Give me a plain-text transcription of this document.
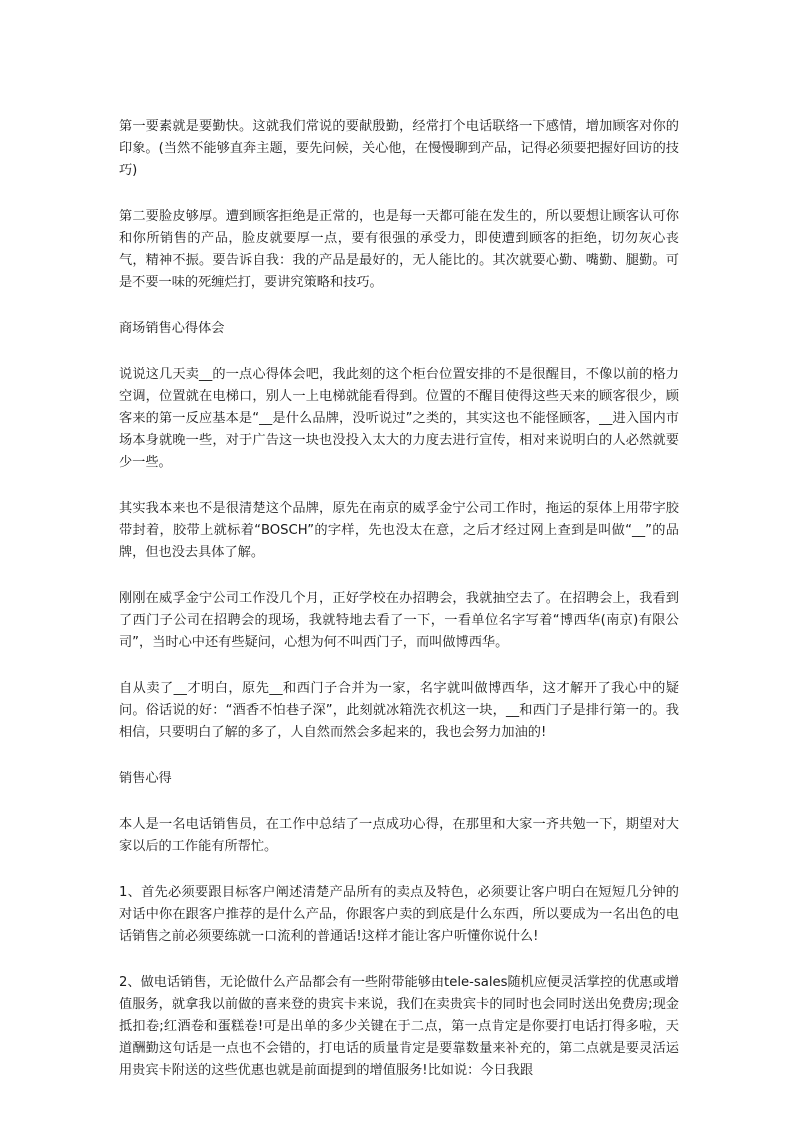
第一要素就是要勤快。这就我们常说的要献殷勤，经常打个电话联络一下感情，增加顾客对你的印象。(当然不能够直奔主题，要先问候，关心他，在慢慢聊到产品，记得必须要把握好回访的技巧)

第二要脸皮够厚。遭到顾客拒绝是正常的，也是每一天都可能在发生的，所以要想让顾客认可你和你所销售的产品，脸皮就要厚一点，要有很强的承受力，即使遭到顾客的拒绝，切勿灰心丧气，精神不振。要告诉自我：我的产品是最好的，无人能比的。其次就要心勤、嘴勤、腿勤。可是不要一味的死缠烂打，要讲究策略和技巧。

商场销售心得体会

说说这几天卖__的一点心得体会吧，我此刻的这个柜台位置安排的不是很醒目，不像以前的格力空调，位置就在电梯口，别人一上电梯就能看得到。位置的不醒目使得这些天来的顾客很少，顾客来的第一反应基本是“__是什么品牌，没听说过”之类的，其实这也不能怪顾客，__进入国内市场本身就晚一些，对于广告这一块也没投入太大的力度去进行宣传，相对来说明白的人必然就要少一些。

其实我本来也不是很清楚这个品牌，原先在南京的威孚金宁公司工作时，拖运的泵体上用带字胶带封着，胶带上就标着“BOSCH”的字样，先也没太在意，之后才经过网上查到是叫做“__”的品牌，但也没去具体了解。

刚刚在威孚金宁公司工作没几个月，正好学校在办招聘会，我就抽空去了。在招聘会上，我看到了西门子公司在招聘会的现场，我就特地去看了一下，一看单位名字写着“博西华(南京)有限公司”，当时心中还有些疑问，心想为何不叫西门子，而叫做博西华。

自从卖了__才明白，原先__和西门子合并为一家，名字就叫做博西华，这才解开了我心中的疑问。俗话说的好：“酒香不怕巷子深”，此刻就冰箱洗衣机这一块，__和西门子是排行第一的。我相信，只要明白了解的多了，人自然而然会多起来的，我也会努力加油的!

销售心得

本人是一名电话销售员，在工作中总结了一点成功心得，在那里和大家一齐共勉一下，期望对大家以后的工作能有所帮忙。

1、首先必须要跟目标客户阐述清楚产品所有的卖点及特色，必须要让客户明白在短短几分钟的对话中你在跟客户推荐的是什么产品，你跟客户卖的到底是什么东西，所以要成为一名出色的电话销售之前必须要练就一口流利的普通话!这样才能让客户听懂你说什么!

2、做电话销售，无论做什么产品都会有一些附带能够由tele-sales随机应便灵活掌控的优惠或增值服务，就拿我以前做的喜来登的贵宾卡来说，我们在卖贵宾卡的同时也会同时送出免费房;现金抵扣卷;红酒卷和蛋糕卷!可是出单的多少关键在于二点，第一点肯定是你要打电话打得多啦，天道酬勤这句话是一点也不会错的，打电话的质量肯定是要靠数量来补充的，第二点就是要灵活运用贵宾卡附送的这些优惠也就是前面提到的增值服务!比如说：今日我跟
